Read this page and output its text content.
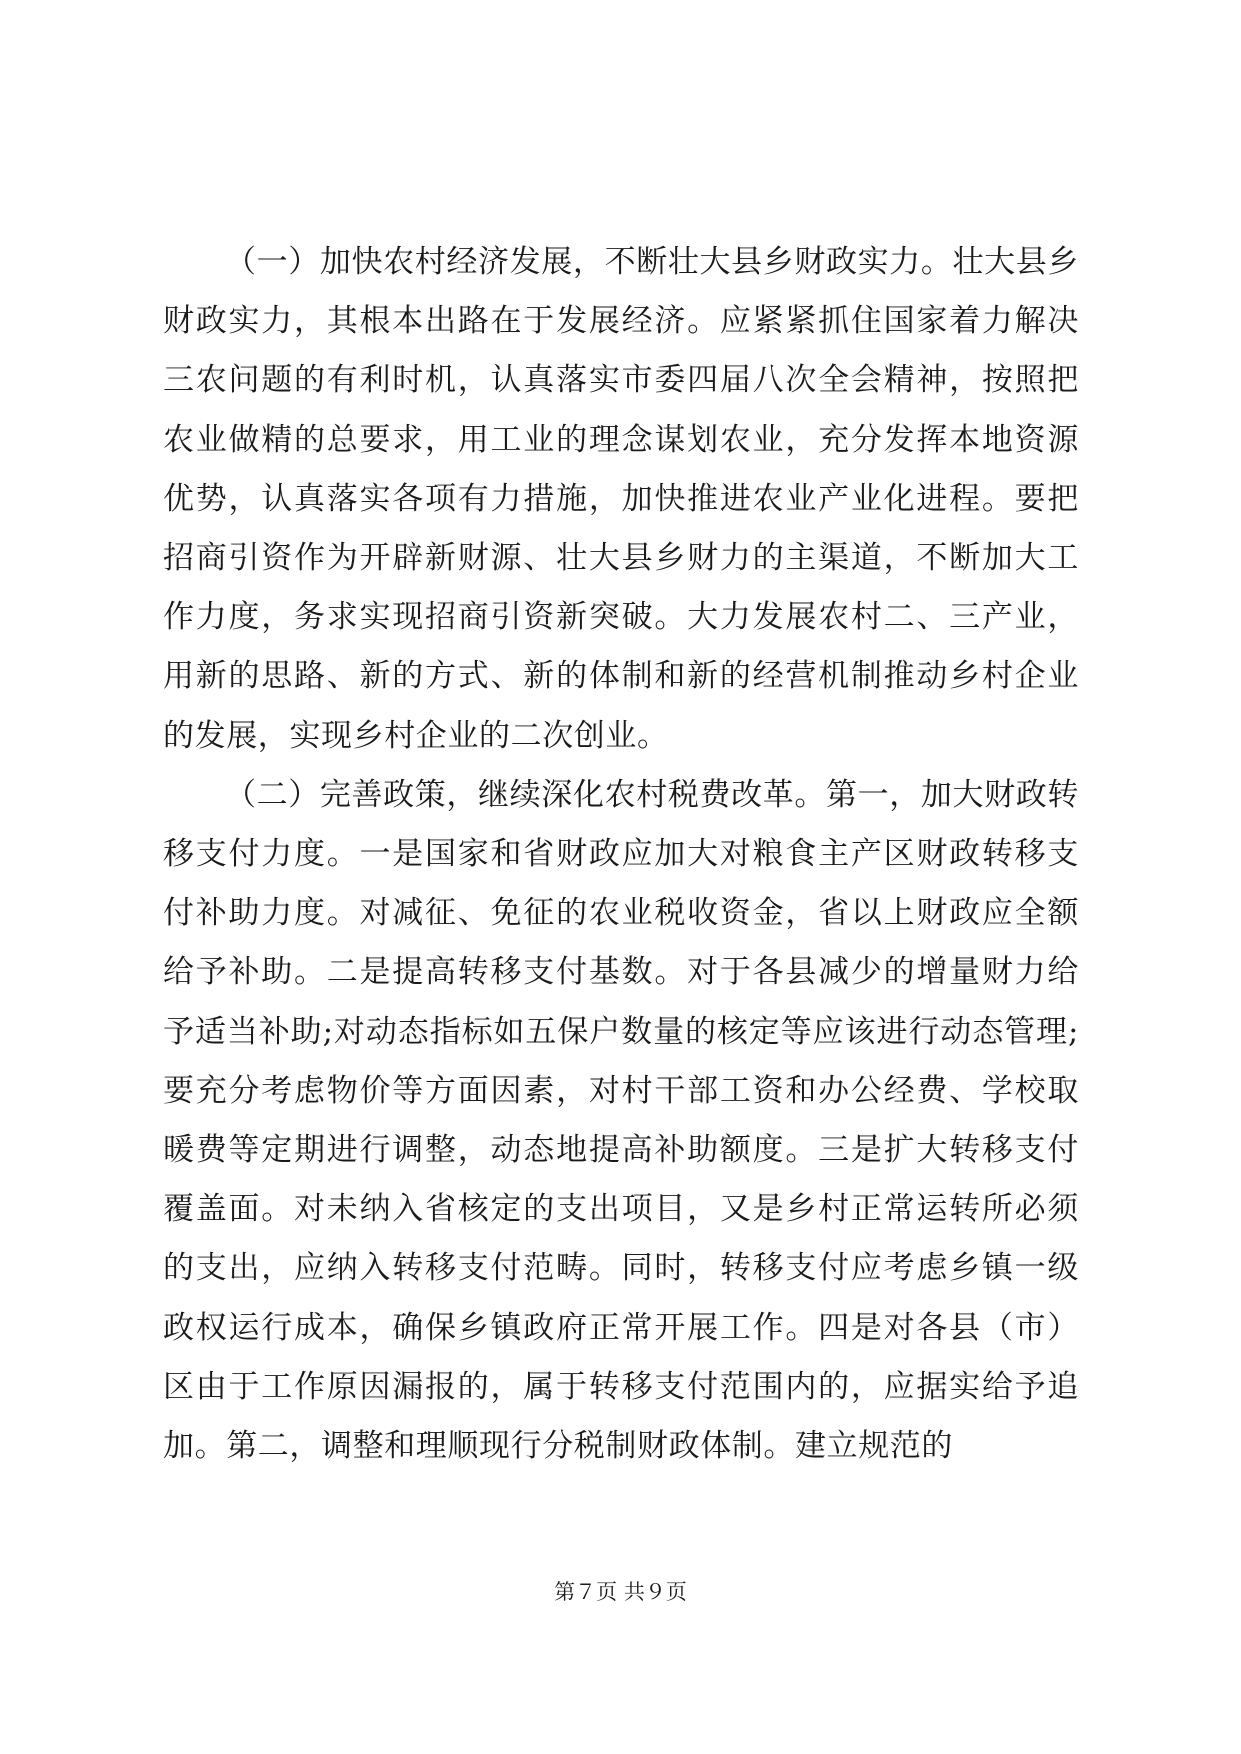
（一）加快农村经济发展，不断壮大县乡财政实力。壮大县乡财政实力，其根本出路在于发展经济。应紧紧抓住国家着力解决三农问题的有利时机，认真落实市委四届八次全会精神，按照把农业做精的总要求，用工业的理念谋划农业，充分发挥本地资源优势，认真落实各项有力措施，加快推进农业产业化进程。要把招商引资作为开辟新财源、壮大县乡财力的主渠道，不断加大工作力度，务求实现招商引资新突破。大力发展农村二、三产业，用新的思路、新的方式、新的体制和新的经营机制推动乡村企业的发展，实现乡村企业的二次创业。

（二）完善政策，继续深化农村税费改革。第一，加大财政转移支付力度。一是国家和省财政应加大对粮食主产区财政转移支付补助力度。对减征、免征的农业税收资金，省以上财政应全额给予补助。二是提高转移支付基数。对于各县减少的增量财力给予适当补助;对动态指标如五保户数量的核定等应该进行动态管理;要充分考虑物价等方面因素，对村干部工资和办公经费、学校取暖费等定期进行调整，动态地提高补助额度。三是扩大转移支付覆盖面。对未纳入省核定的支出项目，又是乡村正常运转所必须的支出，应纳入转移支付范畴。同时，转移支付应考虑乡镇一级政权运行成本，确保乡镇政府正常开展工作。四是对各县（市）区由于工作原因漏报的，属于转移支付范围内的，应据实给予追加。第二，调整和理顺现行分税制财政体制。建立规范的

第７页 共９页
